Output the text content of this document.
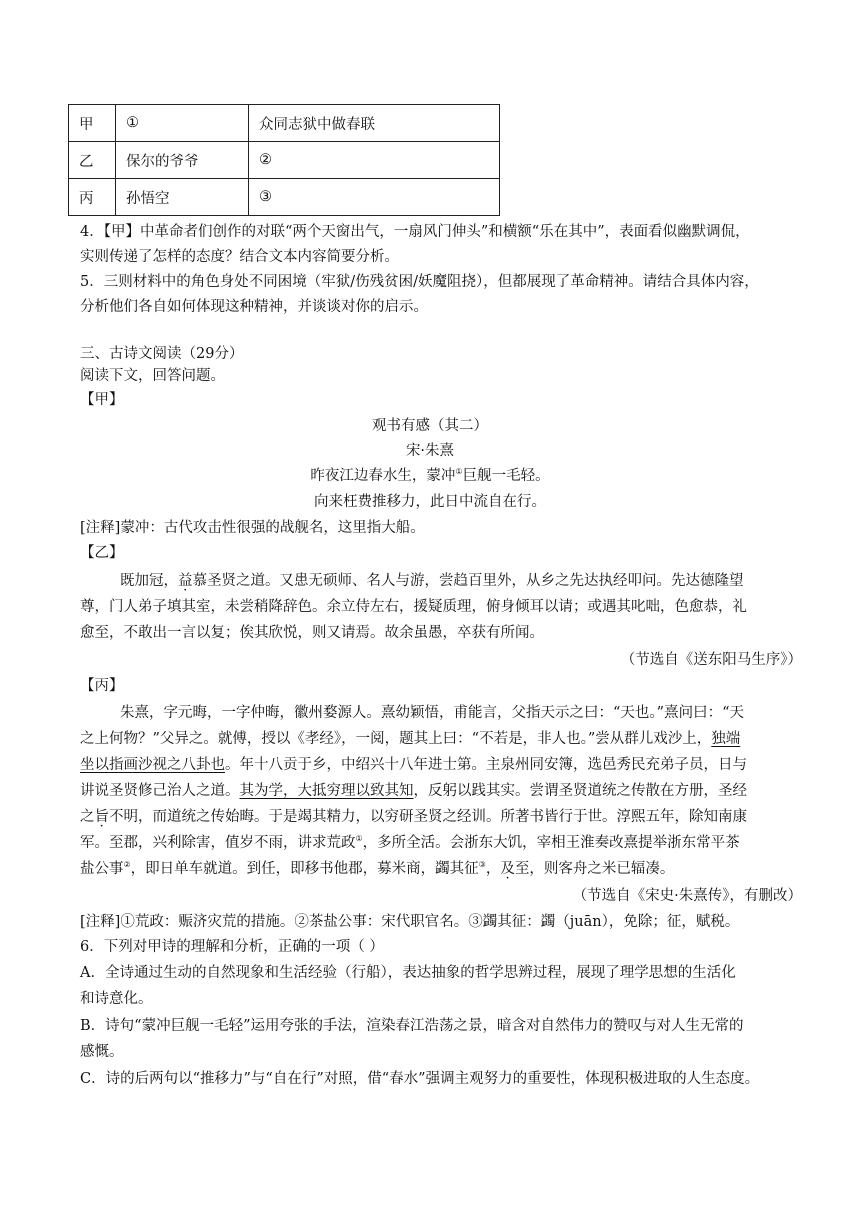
甲	①	众同志狱中做春联
乙	保尔的爷爷	②
丙	孙悟空	③
4．【甲】中革命者们创作的对联“两个天窗出气，一扇风门伸头”和横额“乐在其中”，表面看似幽默调侃，
实则传递了怎样的态度？结合文本内容简要分析。
5．三则材料中的角色身处不同困境（牢狱/伤残贫困/妖魔阻挠），但都展现了革命精神。请结合具体内容，
分析他们各自如何体现这种精神，并谈谈对你的启示。
三、古诗文阅读（29分）
阅读下文，回答问题。
【甲】
观书有感（其二）
宋·朱熹
昨夜江边春水生，蒙冲①巨舰一毛轻。
向来枉费推移力，此日中流自在行。
[注释]蒙冲：古代攻击性很强的战舰名，这里指大船。
【乙】
既加冠，益慕圣贤之道。又患无硕师、名人与游，尝趋百里外，从乡之先达执经叩问。先达德隆望
尊，门人弟子填其室，未尝稍降辞色。余立侍左右，援疑质理，俯身倾耳以请；或遇其叱咄，色愈恭，礼
愈至，不敢出一言以复；俟其欣悦，则又请焉。故余虽愚，卒获有所闻。
（节选自《送东阳马生序》）
【丙】
朱熹，字元晦，一字仲晦，徽州婺源人。熹幼颖悟，甫能言，父指天示之曰：“天也。”熹问曰：“天
之上何物？”父异之。就傅，授以《孝经》，一阅，题其上曰：“不若是，非人也。”尝从群儿戏沙上，独端
坐以指画沙视之八卦也。年十八贡于乡，中绍兴十八年进士第。主泉州同安簿，选邑秀民充弟子员，日与
讲说圣贤修己治人之道。其为学，大抵穷理以致其知，反躬以践其实。尝谓圣贤道统之传散在方册，圣经
之旨不明，而道统之传始晦。于是竭其精力，以穷研圣贤之经训。所著书皆行于世。淳熙五年，除知南康
军。至郡，兴利除害，值岁不雨，讲求荒政①，多所全活。会浙东大饥，宰相王淮奏改熹提举浙东常平茶
盐公事②，即日单车就道。到任，即移书他郡，募米商，蠲其征③，及至，则客舟之米已辐凑。
（节选自《宋史·朱熹传》，有删改）
[注释]①荒政：赈济灾荒的措施。②茶盐公事：宋代职官名。③蠲其征：蠲（juān），免除；征，赋税。
6．下列对甲诗的理解和分析，正确的一项（ ）
A．全诗通过生动的自然现象和生活经验（行船），表达抽象的哲学思辨过程，展现了理学思想的生活化
和诗意化。
B．诗句“蒙冲巨舰一毛轻”运用夸张的手法，渲染春江浩荡之景，暗含对自然伟力的赞叹与对人生无常的
感慨。
C．诗的后两句以“推移力”与“自在行”对照，借“春水”强调主观努力的重要性，体现积极进取的人生态度。
